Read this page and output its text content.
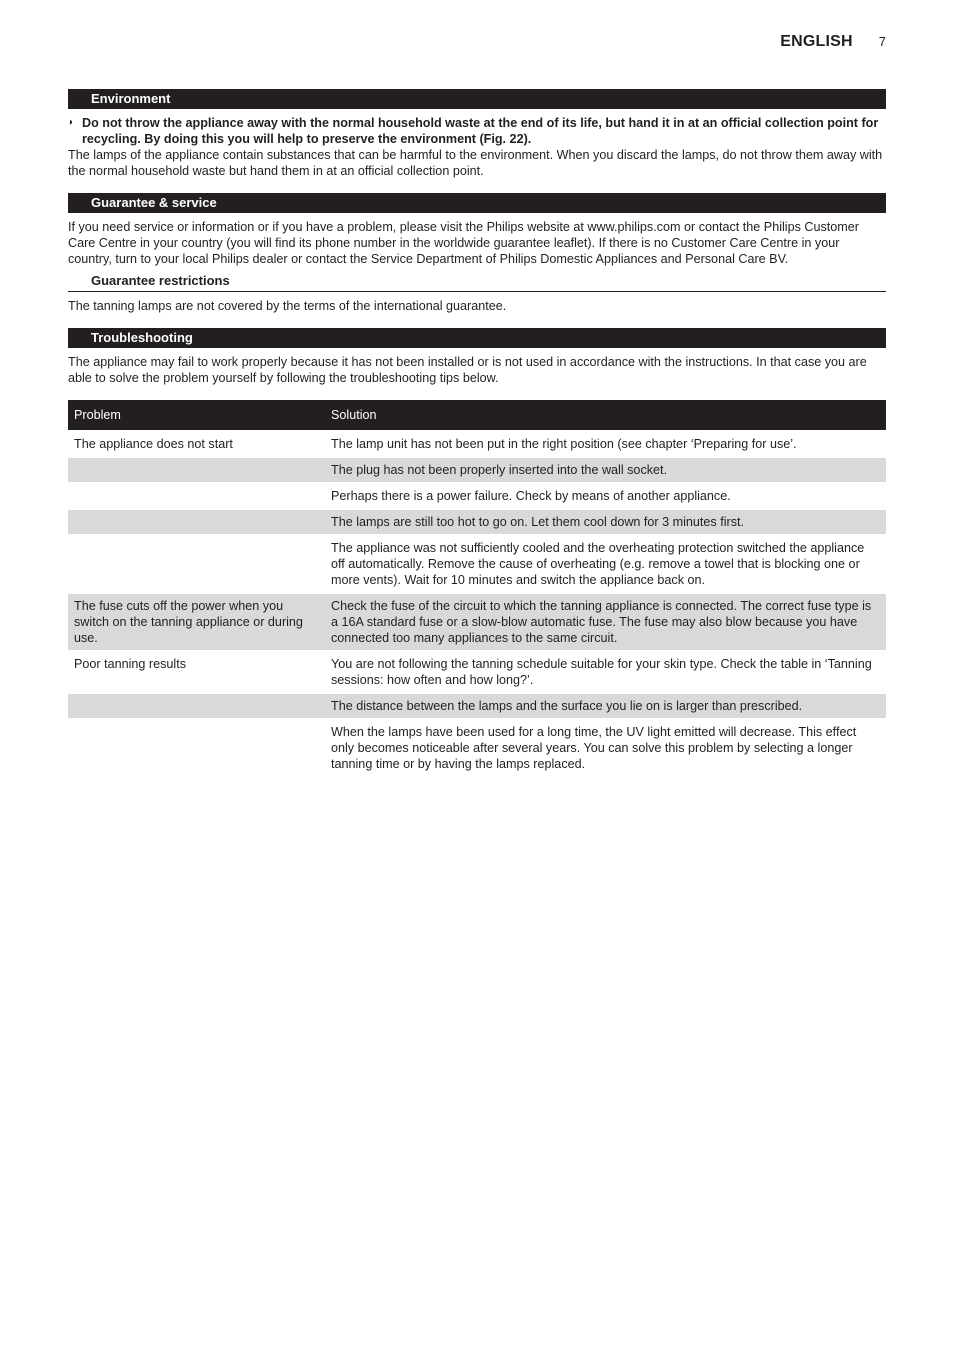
ENGLISH 7
Environment
◗ Do not throw the appliance away with the normal household waste at the end of its life, but hand it in at an official collection point for recycling. By doing this you will help to preserve the environment (Fig. 22).

The lamps of the appliance contain substances that can be harmful to the environment. When you discard the lamps, do not throw them away with the normal household waste but hand them in at an official collection point.

Guarantee & service

If you need service or information or if you have a problem, please visit the Philips website at www.philips.com or contact the Philips Customer Care Centre in your country (you will find its phone number in the worldwide guarantee leaflet). If there is no Customer Care Centre in your country, turn to your local Philips dealer or contact the Service Department of Philips Domestic Appliances and Personal Care BV.

Guarantee restrictions

The tanning lamps are not covered by the terms of the international guarantee.

Troubleshooting

The appliance may fail to work properly because it has not been installed or is not used in accordance with the instructions. In that case you are able to solve the problem yourself by following the troubleshooting tips below.

Problem	Solution
The appliance does not start	The lamp unit has not been put in the right position (see chapter ‘Preparing for use’.
	The plug has not been properly inserted into the wall socket.
	Perhaps there is a power failure. Check by means of another appliance.
	The lamps are still too hot to go on. Let them cool down for 3 minutes first.
	The appliance was not sufficiently cooled and the overheating protection switched the appliance off automatically. Remove the cause of overheating (e.g. remove a towel that is blocking one or more vents). Wait for 10 minutes and switch the appliance back on.
The fuse cuts off the power when you switch on the tanning appliance or during use.	Check the fuse of the circuit to which the tanning appliance is connected. The correct fuse type is a 16A standard fuse or a slow-blow automatic fuse. The fuse may also blow because you have connected too many appliances to the same circuit.
Poor tanning results	You are not following the tanning schedule suitable for your skin type. Check the table in ‘Tanning sessions: how often and how long?’.
	The distance between the lamps and the surface you lie on is larger than prescribed.
	When the lamps have been used for a long time, the UV light emitted will decrease. This effect only becomes noticeable after several years. You can solve this problem by selecting a longer tanning time or by having the lamps replaced.
